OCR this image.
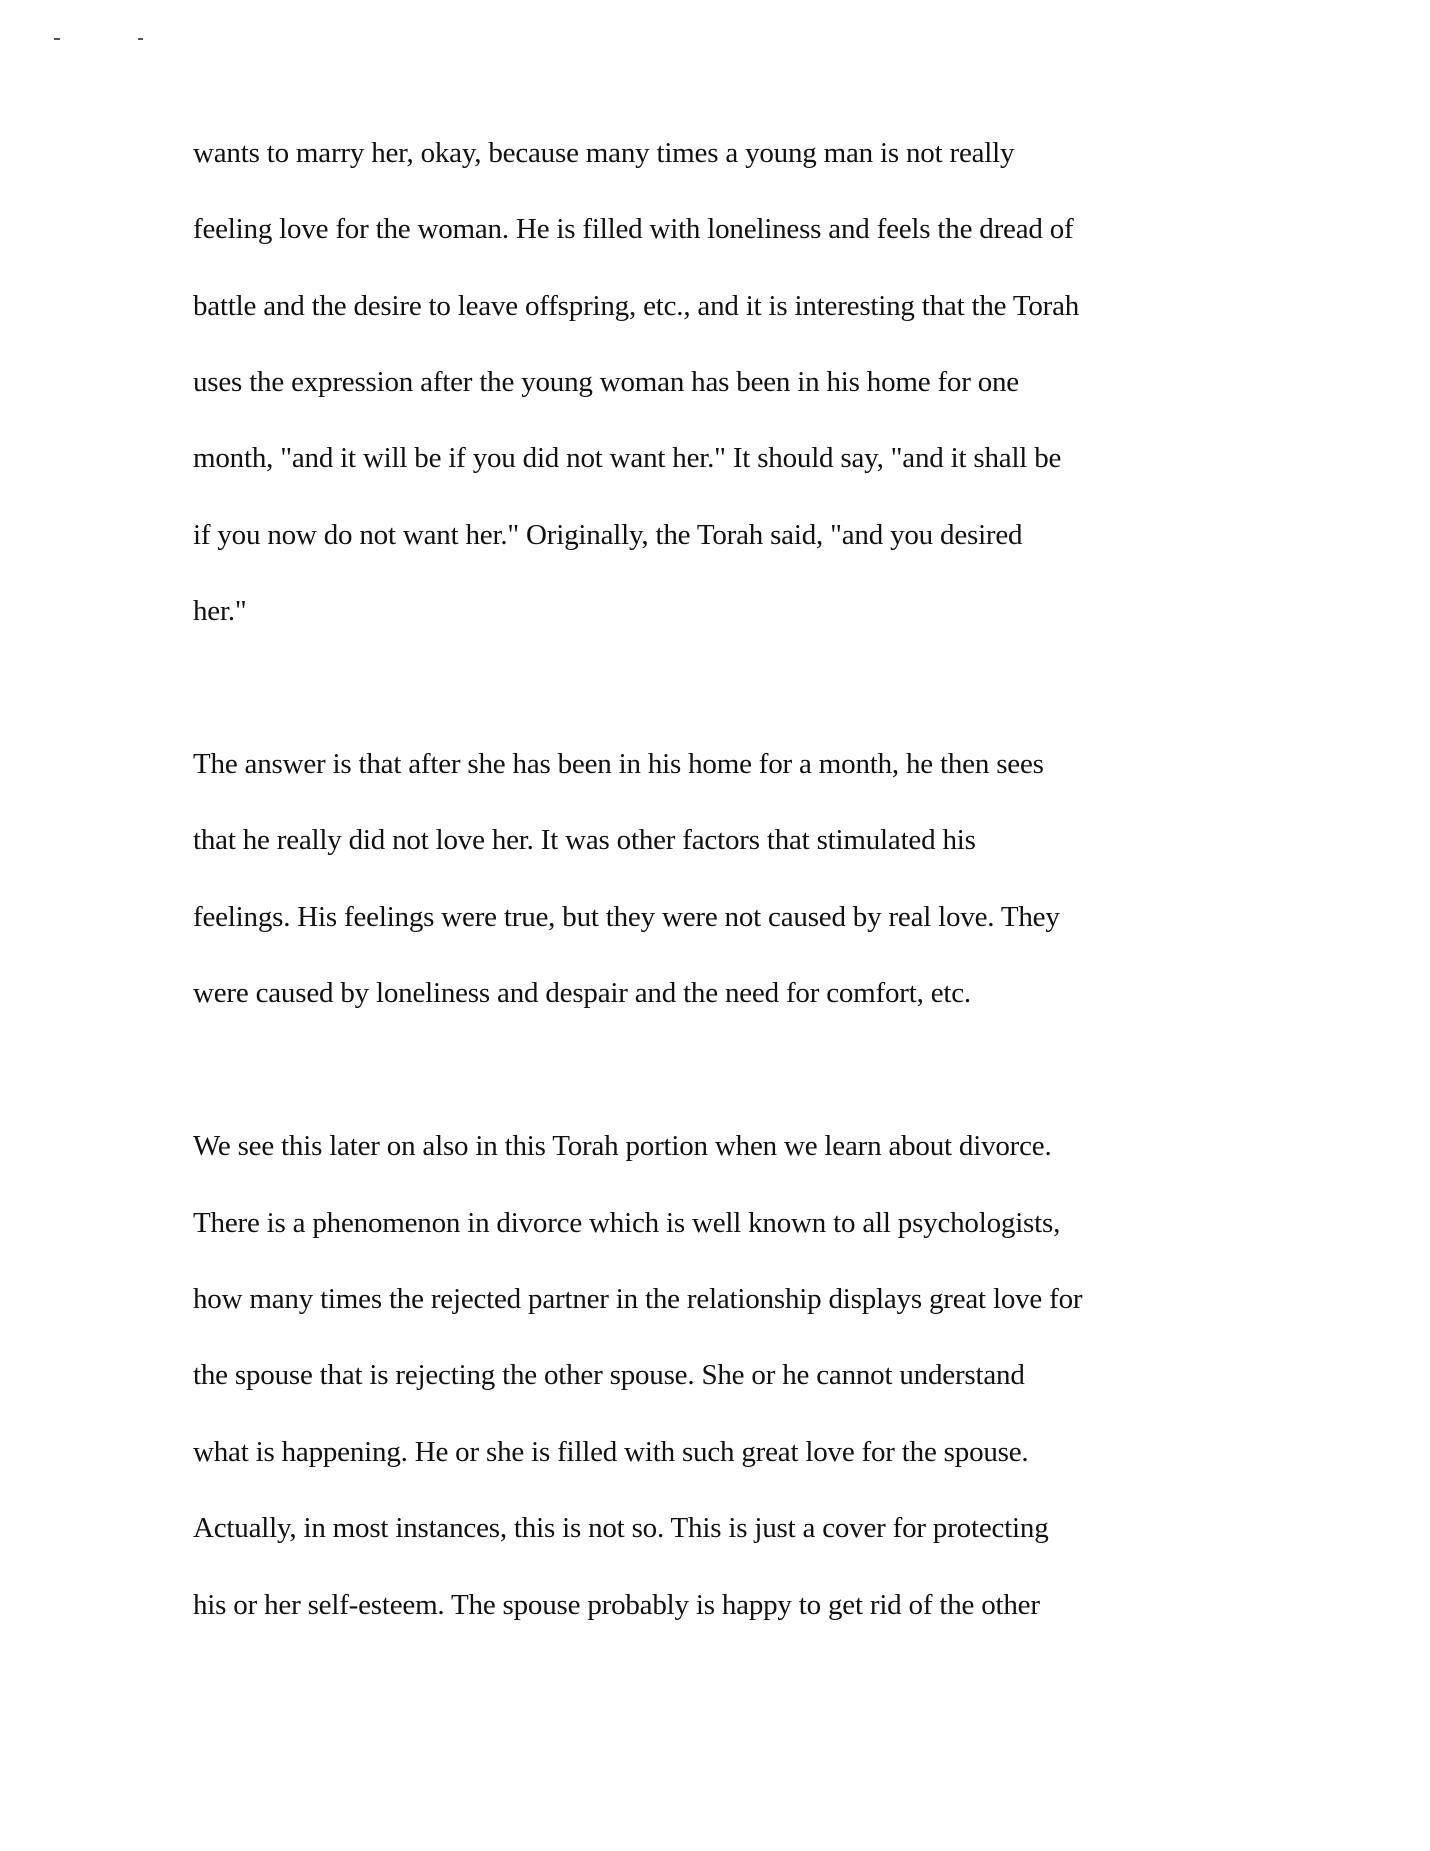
wants to marry her, okay, because many times a young man is not really
feeling love for the woman. He is filled with loneliness and feels the dread of
battle and the desire to leave offspring, etc., and it is interesting that the Torah
uses the expression after the young woman has been in his home for one
month, "and it will be if you did not want her." It should say, "and it shall be
if you now do not want her." Originally, the Torah said, "and you desired
her."
The answer is that after she has been in his home for a month, he then sees
that he really did not love her. It was other factors that stimulated his
feelings. His feelings were true, but they were not caused by real love. They
were caused by loneliness and despair and the need for comfort, etc.
We see this later on also in this Torah portion when we learn about divorce.
There is a phenomenon in divorce which is well known to all psychologists,
how many times the rejected partner in the relationship displays great love for
the spouse that is rejecting the other spouse. She or he cannot understand
what is happening. He or she is filled with such great love for the spouse.
Actually, in most instances, this is not so. This is just a cover for protecting
his or her self-esteem. The spouse probably is happy to get rid of the other
